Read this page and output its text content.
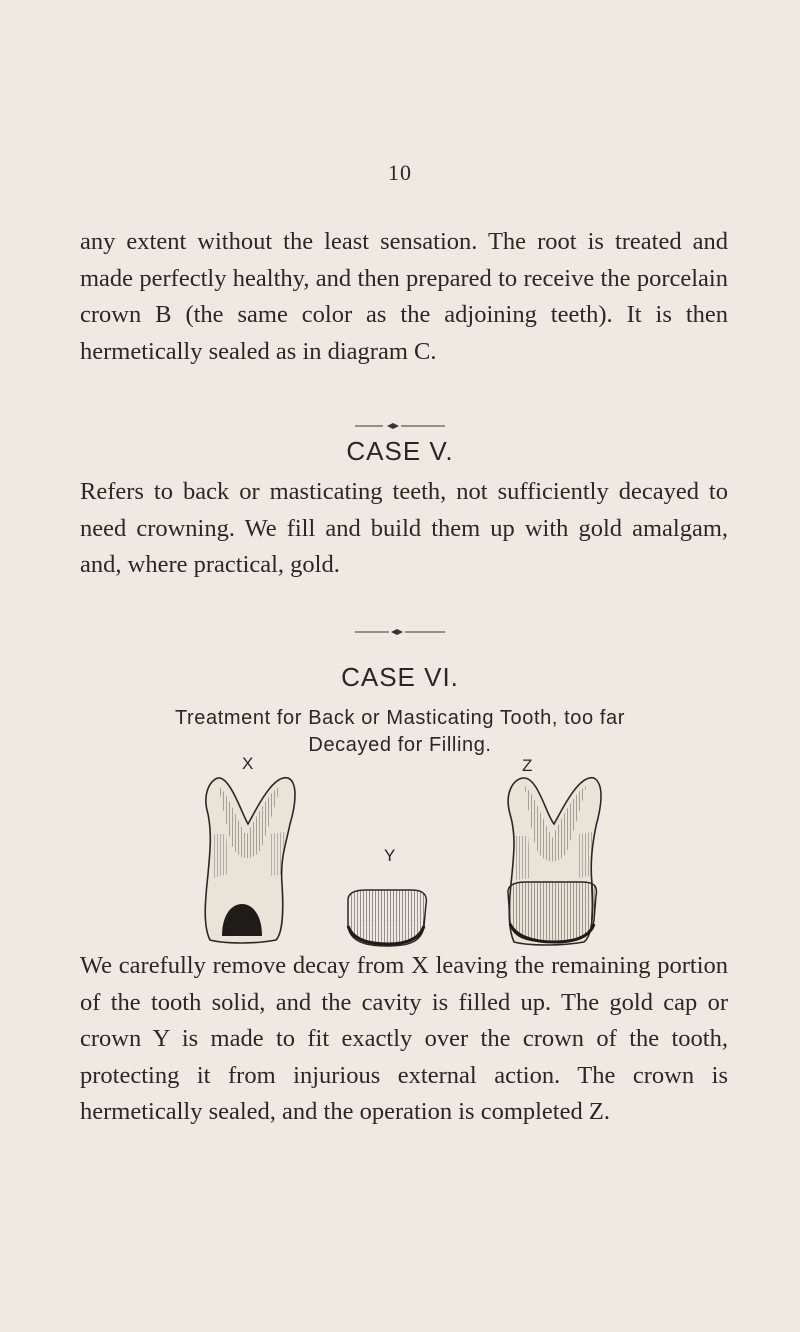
10

any extent without the least sensation. The root is treated and made perfectly healthy, and then prepared to receive the porcelain crown B (the same color as the adjoining teeth). It is then hermetically sealed as in diagram C.

CASE V.

Refers to back or masticating teeth, not sufficiently decayed to need crowning. We fill and build them up with gold amalgam, and, where practical, gold.

CASE VI.
Treatment for Back or Masticating Tooth, too far
Decayed for Filling.
X
Y
Z

We carefully remove decay from X leaving the remaining portion of the tooth solid, and the cavity is filled up. The gold cap or crown Y is made to fit exactly over the crown of the tooth, protecting it from injurious external action. The crown is hermetically sealed, and the operation is completed Z.
